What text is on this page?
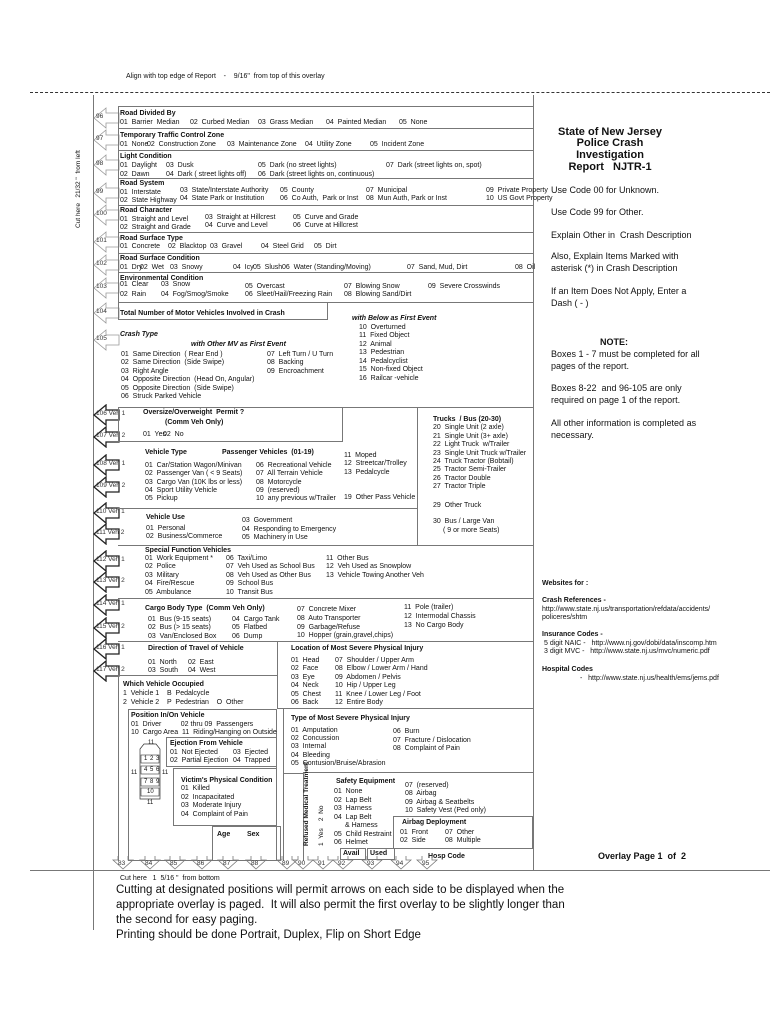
Align with top edge of Report    -    9/16"  from top of this overlay
Cut here   21/32 "  from left
96
97
98
99
100
101
102
103
104
105
Road Divided By
01  Barrier  Median 02  Curbed Median 03  Grass Median 04  Painted Median 05  None
Temporary Traffic Control Zone
01  None
02  Construction Zone 03  Maintenance Zone 04  Utility Zone	05  Incident Zone
Light Condition
01  Daylight 03  Dusk	05  Dark (no street lights)	07  Dark (street lights on, spot)
02  Dawn 04  Dark ( street lights off) 06  Dark (street lights on, continuous)
Road System
01  Interstate	03  State/Interstate Authority 05  County	07  Municipal	09  Private Property
02  State Highway 04  State Park or Institution 06  Co Auth,  Park or Inst 08  Mun Auth, Park or Inst	10  US Govt Property
Road Character
01  Straight and Level 03  Straight at Hillcrest	05  Curve and Grade
02  Straight and Grade 04  Curve and Level	06  Curve at Hillcrest
Road Surface Type
01  Concrete 02  Blacktop 03  Gravel	04  Steel Grid 05  Dirt
Road Surface Condition
01  Dry
02  Wet 03  Snowy	04  Icy 05  Slush 06  Water (Standing/Moving)	07  Sand, Mud, Dirt	08  Oil
Environmental Condition
01  Clear 03  Snow	05  Overcast	07  Blowing Snow	09  Severe Crosswinds
02  Rain 04  Fog/Smog/Smoke 06  Sleet/Hail/Freezing Rain 08  Blowing Sand/Dirt
Total Number of Motor Vehicles Involved in Crash
Crash Type
with Other MV as First Event
with Below as First Event
01  Same Direction  ( Rear End )
02  Same Direction  (Side Swipe)
03  Right Angle
04  Opposite Direction  (Head On, Angular)
05  Opposite Direction  (Side Swipe)
06  Struck Parked Vehicle
07  Left Turn / U Turn
08  Backing
09  Encroachment
10  Overturned
11  Fixed Object
12  Animal
13  Pedestrian
14  Pedalcyclist
15  Non-fixed Object
16  Railcar -vehicle
106 Veh 1
107 Veh 2
108 Veh 1
109 Veh 2
110 Veh 1
111 Veh 2
112 Veh 1
113 Veh 2
114 Veh 1
115 Veh 2
116 Veh 1
117 Veh 2
Oversize/Overweight  Permit ?
(Comm Veh Only)
01  Yes
02  No
Trucks  / Bus (20-30)
20  Single Unit (2 axle)
21  Single Unit (3+ axle)
22  Light Truck  w/Trailer
23  Single Unit Truck w/Trailer
24  Truck Tractor (Bobtail)
25  Tractor Semi-Trailer
26  Tractor Double
27  Tractor Triple
29  Other Truck
30  Bus / Large Van
( 9 or more Seats)
Vehicle Type	Passenger Vehicles  (01-19)
01  Car/Station Wagon/Minivan 06  Recreational Vehicle
02  Passenger Van ( < 9 Seats) 07  All Terrain Vehicle
03  Cargo Van (10K lbs or less) 08  Motorcycle
04  Sport Utility Vehicle	09  (reserved)
05  Pickup	10  any previous w/Trailer
11  Moped
12  Streetcar/Trolley
13  Pedalcycle
19  Other Pass Vehicle
Vehicle Use
01  Personal
02  Business/Commerce
03  Government
04  Responding to Emergency
05  Machinery in Use
Special Function Vehicles
01  Work Equipment * 06  Taxi/Limo
02  Police	07  Veh Used as School Bus
03  Military	08  Veh Used as Other Bus
04  Fire/Rescue	09  School Bus
05  Ambulance	10  Transit Bus
11  Other Bus
12  Veh Used as Snowplow
13  Vehicle Towing Another Veh
Cargo Body Type  (Comm Veh Only)
01  Bus (9-15 seats)	04  Cargo Tank
02  Bus (> 15 seats)	05  Flatbed
03  Van/Enclosed Box 06  Dump
07  Concrete Mixer
08  Auto Transporter
09  Garbage/Refuse
10  Hopper (grain,gravel,chips)
11  Pole (trailer)
12  Intermodal Chassis
13  No Cargo Body
Direction of Travel of Vehicle
01  North 02  East
03  South 04  West
Location of Most Severe Physical Injury
01  Head 07  Shoulder / Upper Arm
02  Face 08  Elbow / Lower Arm / Hand
03  Eye	09  Abdomen / Pelvis
04  Neck 10  Hip / Upper Leg
05  Chest 11  Knee / Lower Leg / Foot
06  Back 12  Entire Body
Which Vehicle Occupied
1  Vehicle 1    B  Pedalcycle
2  Vehicle 2    P  Pedestrian    O  Other
Position In/On Vehicle
01  Driver          02 thru 09  Passengers
10  Cargo Area  11  Riding/Hanging on Outside
11
1 2 3
4 5 6
7 8 9
10
11
11	11
Ejection From Vehicle
01  Not Ejected
02  Partial Ejection
03  Ejected
04  Trapped
Victim's Physical Condition
01  Killed
02  Incapacitated
03  Moderate Injury
04  Complaint of Pain
Age Sex
Type of Most Severe Physical Injury
01  Amputation
02  Concussion
03  Internal
04  Bleeding
05  Contusion/Bruise/Abrasion
06  Burn
07  Fracture / Dislocation
08  Complaint of Pain
Refused Medical Treatment 1  Yes    2  No
Safety Equipment
01  None
02  Lap Belt
03  Harness
04  Lap Belt
& Harness
05  Child Restraint
06  Helmet
07  (reserved)
08  Airbag
09  Airbag & Seatbelts
10  Safety Vest (Ped only)
Avail Used
Airbag Deployment
01  Front
02  Side
07  Other
08  Multiple
Hosp Code
83	84	85	86	87	88	89 90 91 92	93	94	95
State of New Jersey
Police Crash
Investigation
Report   NJTR-1
Use Code 00 for Unknown.
Use Code 99 for Other.
Explain Other in  Crash Description
Also, Explain Items Marked with
asterisk (*) in Crash Description
If an Item Does Not Apply, Enter a
Dash ( - )
NOTE:
Boxes 1 - 7 must be completed for all
pages of the report.
Boxes 8-22  and 96-105 are only
required on page 1 of the report.
All other information is completed as
necessary.
Websites for :
Crash References -
http://www.state.nj.us/transportation/refdata/accidents/
policeres/shtm
Insurance Codes -
5 digit NAIC -   http://www.nj.gov/dobi/data/inscomp.htm
3 digit MVC -   http://www.state.nj.us/mvc/numeric.pdf
Hospital Codes
-   http://www.state.nj.us/health/ems/jems.pdf
Overlay Page 1  of  2
Cut here   1  5/16 "  from bottom
Cutting at designated positions will permit arrows on each side to be displayed when the
appropriate overlay is paged.  It will also permit the first overlay to be slightly longer than
the second for easy paging.
Printing should be done Portrait, Duplex, Flip on Short Edge
